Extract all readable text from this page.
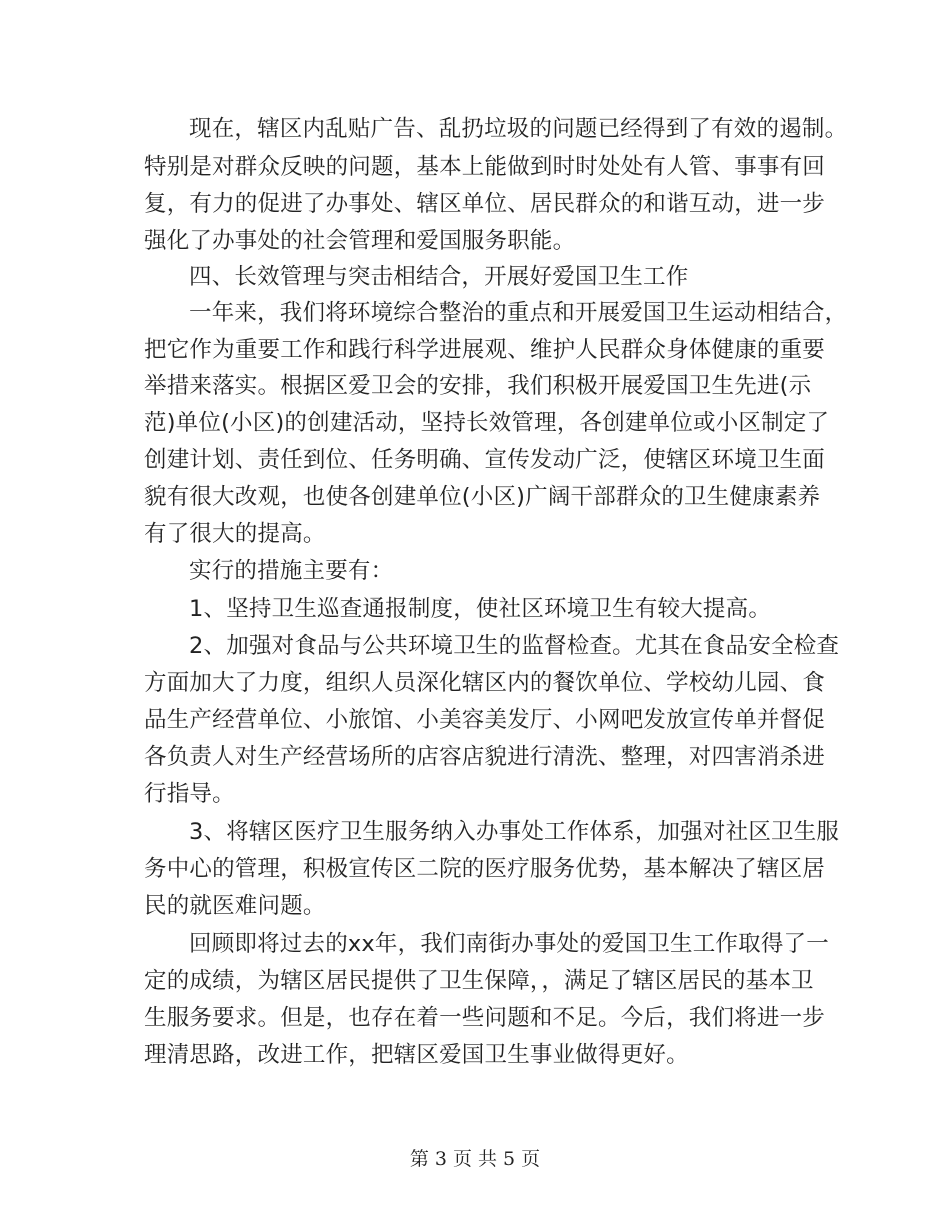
现在，辖区内乱贴广告、乱扔垃圾的问题已经得到了有效的遏制。
特别是对群众反映的问题，基本上能做到时时处处有人管、事事有回
复，有力的促进了办事处、辖区单位、居民群众的和谐互动，进一步
强化了办事处的社会管理和爱国服务职能。
四、长效管理与突击相结合，开展好爱国卫生工作
一年来，我们将环境综合整治的重点和开展爱国卫生运动相结合，
把它作为重要工作和践行科学进展观、维护人民群众身体健康的重要
举措来落实。根据区爱卫会的安排，我们积极开展爱国卫生先进(示
范)单位(小区)的创建活动，坚持长效管理，各创建单位或小区制定了
创建计划、责任到位、任务明确、宣传发动广泛，使辖区环境卫生面
貌有很大改观，也使各创建单位(小区)广阔干部群众的卫生健康素养
有了很大的提高。
实行的措施主要有：
1、坚持卫生巡查通报制度，使社区环境卫生有较大提高。
2、加强对食品与公共环境卫生的监督检查。尤其在食品安全检查
方面加大了力度，组织人员深化辖区内的餐饮单位、学校幼儿园、食
品生产经营单位、小旅馆、小美容美发厅、小网吧发放宣传单并督促
各负责人对生产经营场所的店容店貌进行清洗、整理，对四害消杀进
行指导。
3、将辖区医疗卫生服务纳入办事处工作体系，加强对社区卫生服
务中心的管理，积极宣传区二院的医疗服务优势，基本解决了辖区居
民的就医难问题。
回顾即将过去的xx年，我们南街办事处的爱国卫生工作取得了一
定的成绩，为辖区居民提供了卫生保障，，满足了辖区居民的基本卫
生服务要求。但是，也存在着一些问题和不足。今后，我们将进一步
理清思路，改进工作，把辖区爱国卫生事业做得更好。
第 3 页 共 5 页
